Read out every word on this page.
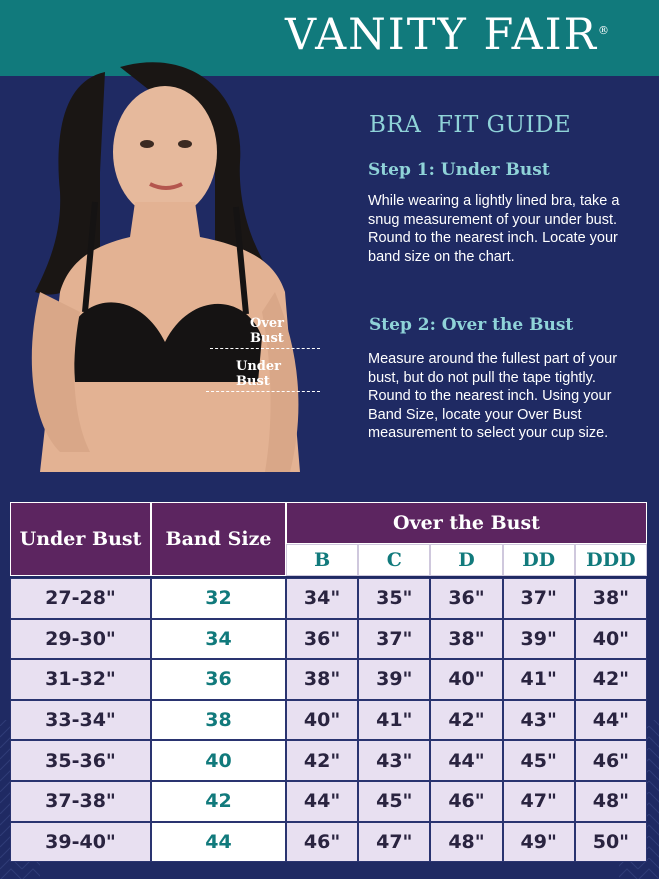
VANITY FAIR®
Over Bust
Under Bust
BRA  FIT GUIDE
Step 1: Under Bust
While wearing a lightly lined bra, take a snug measurement of your under bust. Round to the nearest inch. Locate your band size on the chart.
Step 2: Over the Bust
Measure around the fullest part of your bust, but do not pull the tape tightly. Round to the nearest inch. Using your Band Size, locate your Over Bust measurement to select your cup size.
Under Bust	Band Size
Over the Bust
B	C	D	DD	DDD
27-28"	32	34"	35"	36"	37"	38"
29-30"	34	36"	37"	38"	39"	40"
31-32"	36	38"	39"	40"	41"	42"
33-34"	38	40"	41"	42"	43"	44"
35-36"	40	42"	43"	44"	45"	46"
37-38"	42	44"	45"	46"	47"	48"
39-40"	44	46"	47"	48"	49"	50"
